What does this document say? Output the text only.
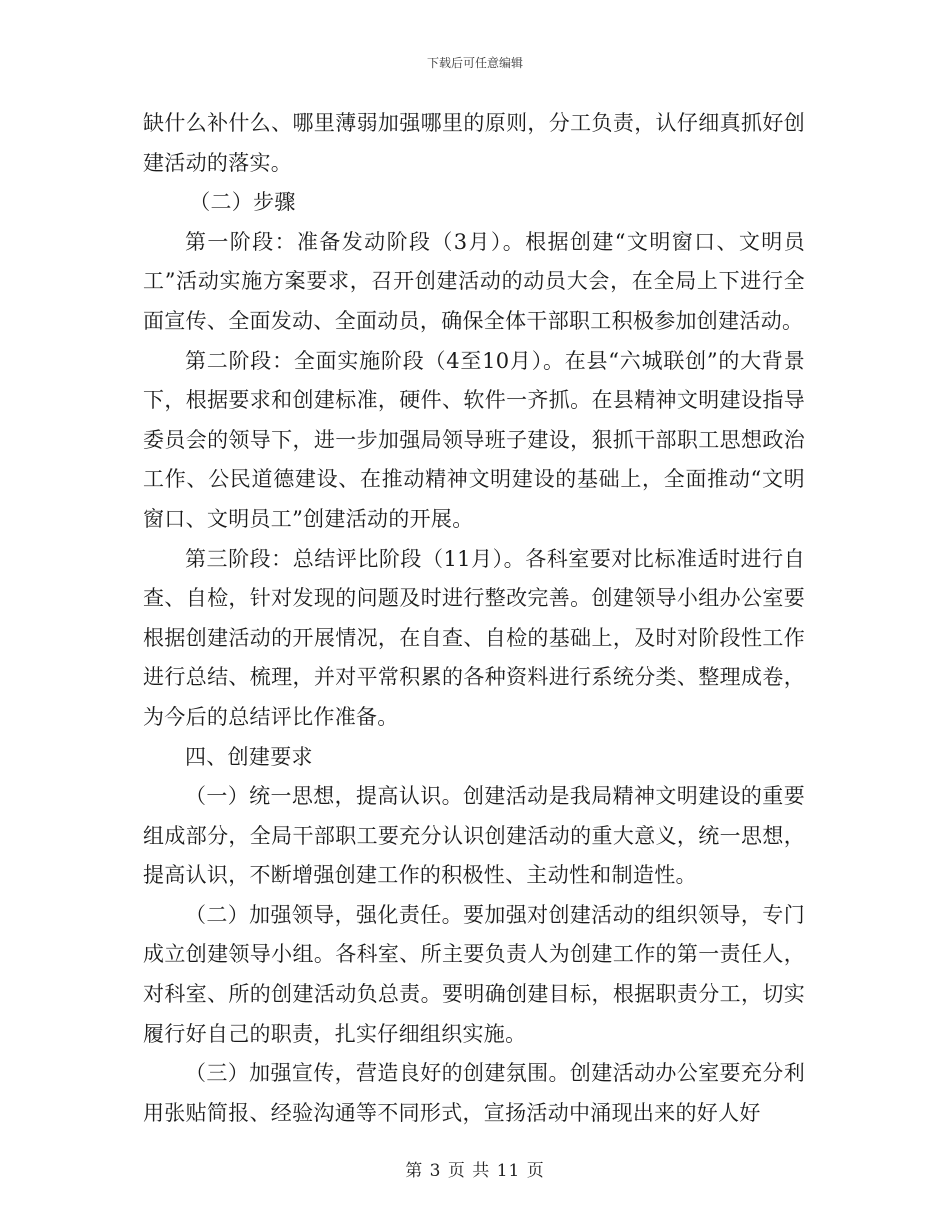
下载后可任意编辑

缺什么补什么、哪里薄弱加强哪里的原则，分工负责，认仔细真抓好创建活动的落实。

（二）步骤

第一阶段：准备发动阶段（3月）。根据创建“文明窗口、文明员工”活动实施方案要求，召开创建活动的动员大会，在全局上下进行全面宣传、全面发动、全面动员，确保全体干部职工积极参加创建活动。

第二阶段：全面实施阶段（4至10月）。在县“六城联创”的大背景下，根据要求和创建标准，硬件、软件一齐抓。在县精神文明建设指导委员会的领导下，进一步加强局领导班子建设，狠抓干部职工思想政治工作、公民道德建设、在推动精神文明建设的基础上，全面推动“文明窗口、文明员工”创建活动的开展。

第三阶段：总结评比阶段（11月）。各科室要对比标准适时进行自查、自检，针对发现的问题及时进行整改完善。创建领导小组办公室要根据创建活动的开展情况，在自查、自检的基础上，及时对阶段性工作进行总结、梳理，并对平常积累的各种资料进行系统分类、整理成卷，为今后的总结评比作准备。

四、创建要求

（一）统一思想，提高认识。创建活动是我局精神文明建设的重要组成部分，全局干部职工要充分认识创建活动的重大意义，统一思想，提高认识，不断增强创建工作的积极性、主动性和制造性。

（二）加强领导，强化责任。要加强对创建活动的组织领导，专门成立创建领导小组。各科室、所主要负责人为创建工作的第一责任人，对科室、所的创建活动负总责。要明确创建目标，根据职责分工，切实履行好自己的职责，扎实仔细组织实施。

（三）加强宣传，营造良好的创建氛围。创建活动办公室要充分利用张贴简报、经验沟通等不同形式，宣扬活动中涌现出来的好人好

第 3 页 共 11 页
